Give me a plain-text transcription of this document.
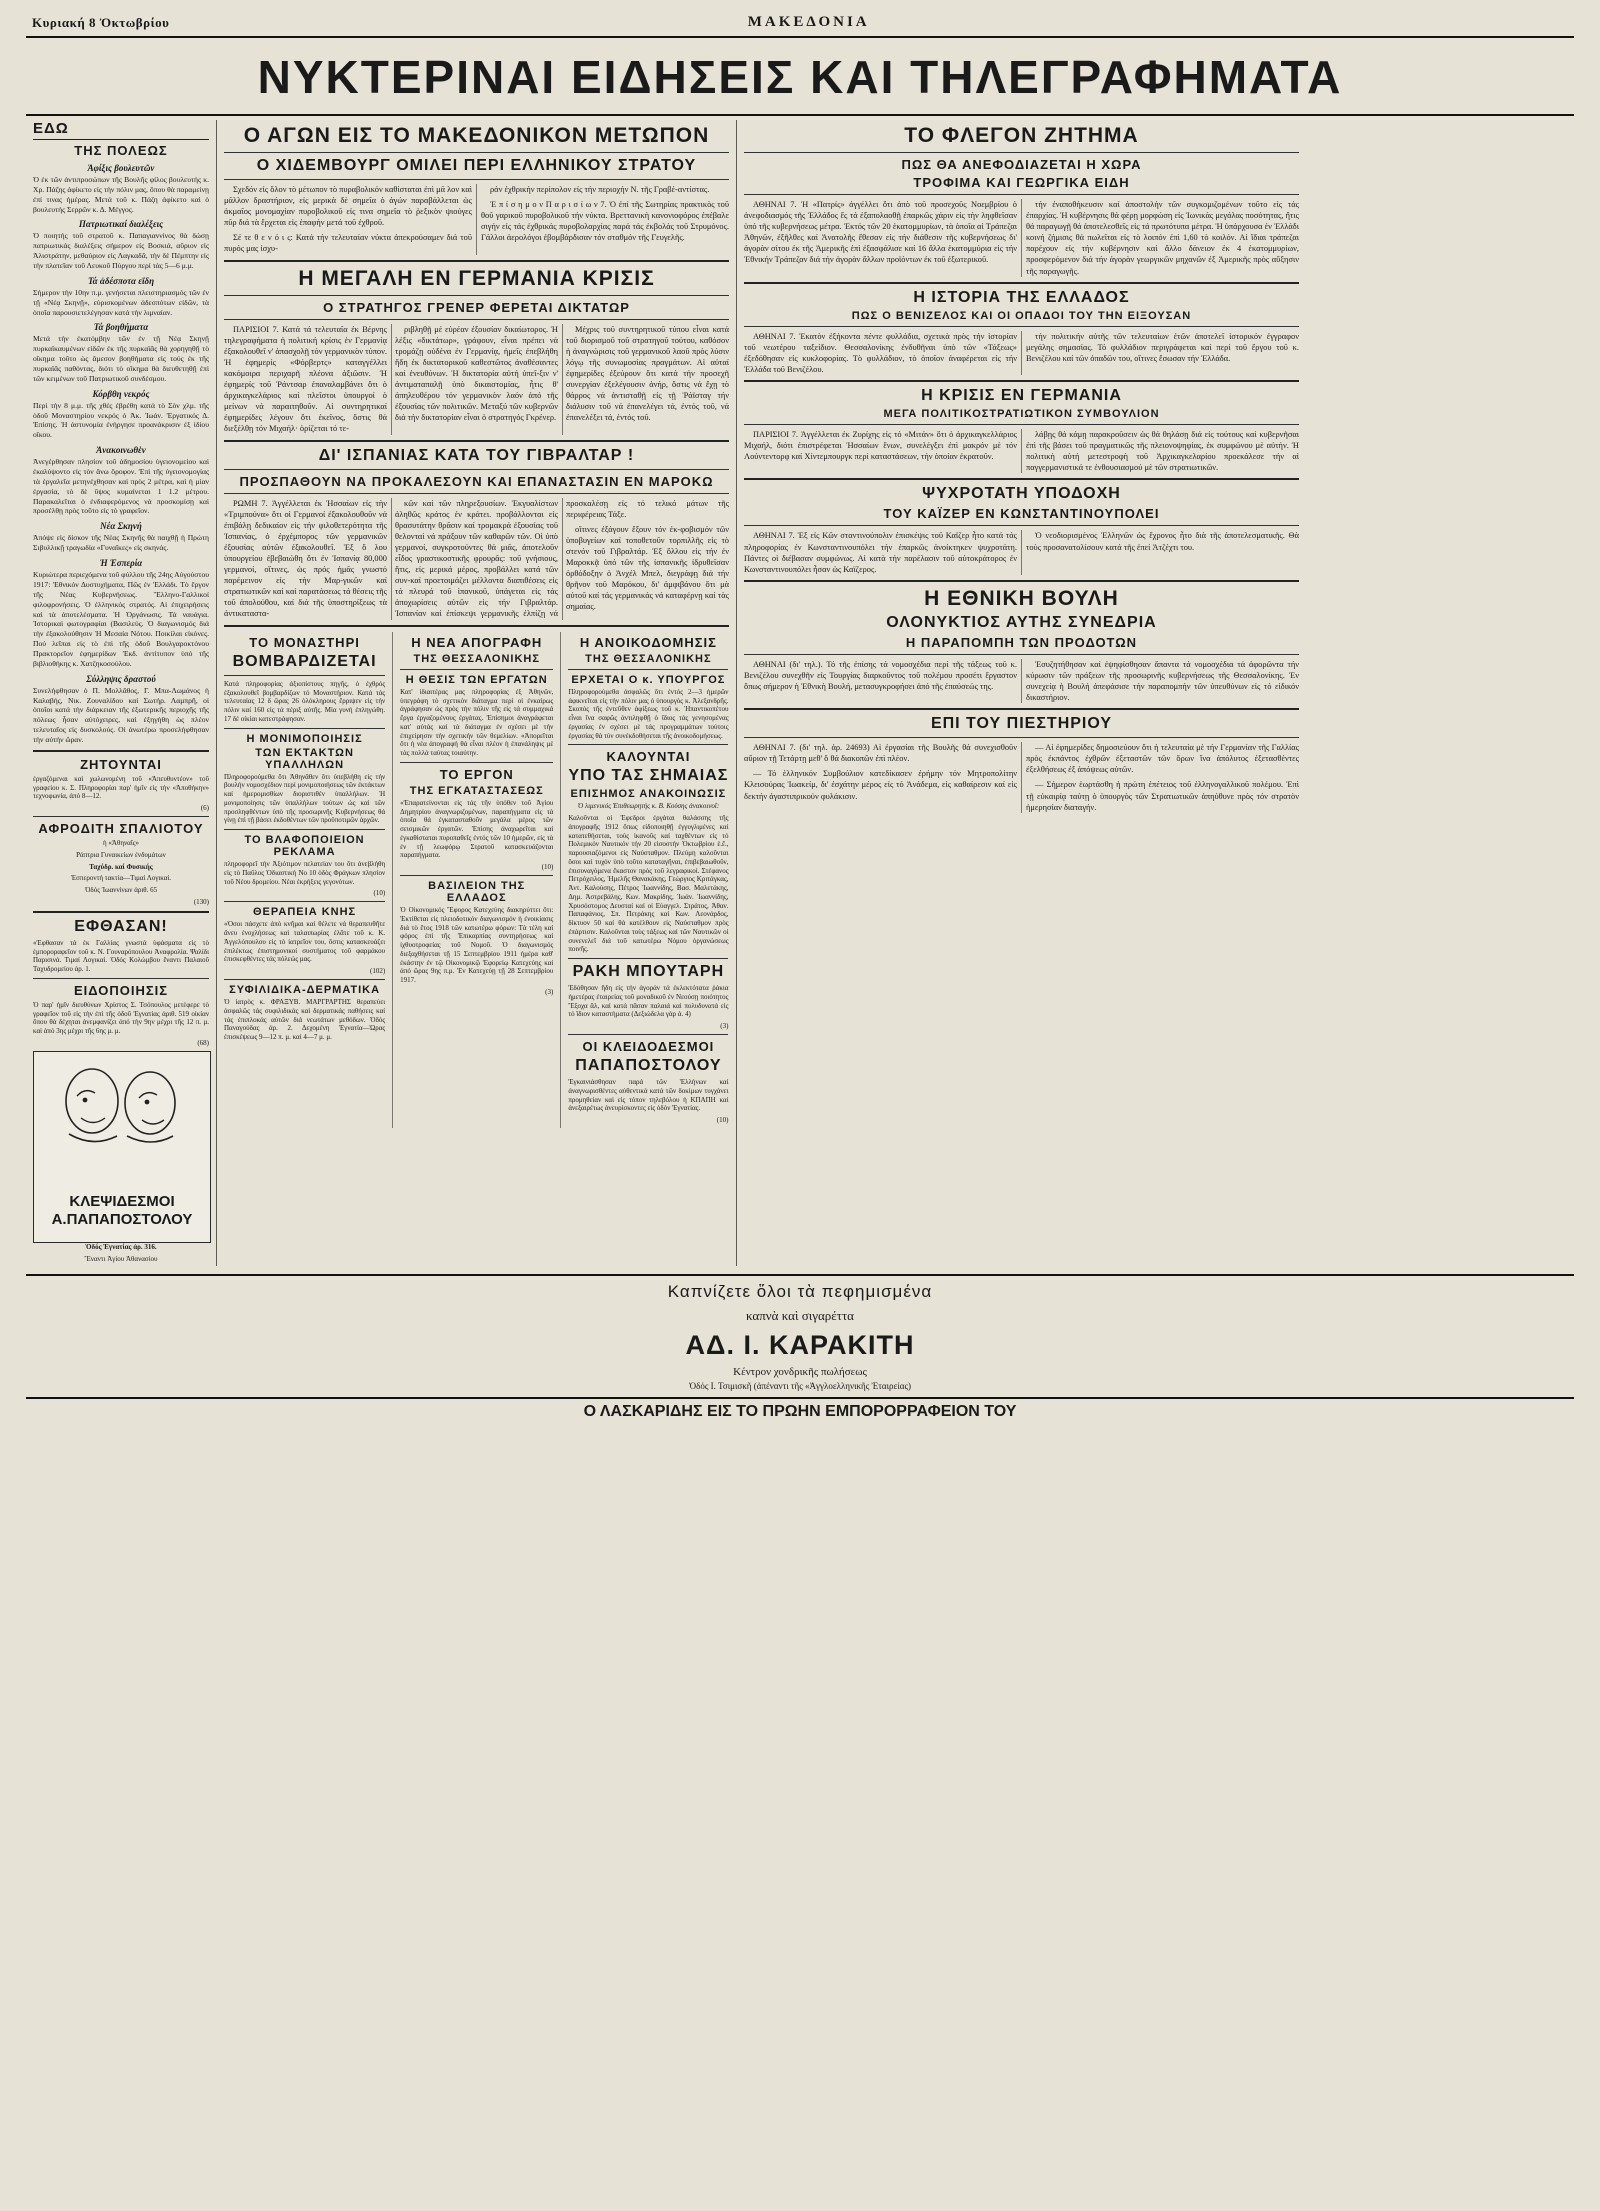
Κυριακή 8 Ὀκτωβρίου	ΜΑΚΕΔΟΝΙΑ
ΝΥΚΤΕΡΙΝΑΙ ΕΙΔΗΣΕΙΣ ΚΑΙ ΤΗΛΕΓΡΑΦΗΜΑΤΑ
ΕΔΩ
ΤΗΣ ΠΟΛΕΩΣ
Ἀφίξις βουλευτῶν

Ὁ ἐκ τῶν ἀντιπροσώπων τῆς Βουλῆς φίλος βουλευτής κ. Χρ. Πάζης ἀφίκετο εἰς τὴν πόλιν μας, ὅπου θὰ παραμείνῃ ἐπί τινας ἡμέρας. Μετά τοῦ κ. Πάζη ἀφίκετο καὶ ὁ βουλευτής Σερρῶν κ. Δ. Μέγγος.

Πατριωτικαί διαλέξεις

Ὁ ποιητής τοῦ στρατοῦ κ. Παπαγιαννίνος θὰ δώσῃ πατριωτικάς διαλέξεις σήμερον εἰς Βοσκιά, αὔριον εἰς Ἀλιστράτην, μεθαύριον εἰς Λαγκαδᾶ, τὴν δὲ Πέμπτην εἰς τὴν πλατεῖαν τοῦ Λευκοῦ Πύργου περί τὰς 5—6 μ.μ.

Τά ἀδέσποτα εἴδη

Σήμερον τὴν 10ην π.μ. γενήσεται πλειστηριασμός τῶν ἐν τῇ «Νέᾳ Σκηνῇ», εὑρισκομένων ἀδεσπότων εἰδῶν, τὰ ὁποῖα παρουσιετελέγησαν κατά τὴν λιμναίαν.

Τά βοηθήματα

Μετά τὴν ἐκατόμβην τῶν ἐν τῇ Νέᾳ Σκηνῇ πυρκαϊκαυμένων εἰδῶν ἐκ τῆς πυρκαϊᾶς θὰ χορηγηθῇ τὸ οἴκημα τοῦτο ὡς ἄμεσον βοηθήματα εἰς τούς ἐκ τῆς πυρκαϊᾶς παθόντας, διότι τὸ οἴκημα θὰ διευθετηθῇ ἐπὶ τῶν κειμένων τοῦ Πατριωτικοῦ συνδέσμου.

Κόρβθη νεκρός

Περὶ τὴν 8 μ.μ. τῆς χθές ἐβρέθη κατά τὸ Σὸν χλμ. τῆς ὁδοῦ Μοναστηρίου νεκρός ὁ Ἀκ. Ἰωάν. Ἐργατικός Δ. Ἐπίσης. Ἡ ἀστυνομία ἐνήργησε προανάκρισιν ἐξ ἰδίου οἴκου.

Ἀνακοινωθὲν

Ἀνεγέρθησαν πλησίον τοῦ ἀδημοσίου ὑγειονομείου καὶ ἐκαλύψοντο εἰς τὸν ἄνω ὄροφον. Ἐπὶ τῆς ὑγειονομογίας τὰ ἐργαλεῖα μετηνέχθησαν καὶ πρὸς 2 μέτρα, καὶ ἡ μίαν ἐργασία, τὸ δὲ ὕψος κυμαίνεται 1 1.2 μέτρου. Παρακαλεῖται ὁ ἐνδιαφερόμενος νά προσκομίσῃ καὶ προσέλθῃ πρὸς τοῦτο εἰς τὸ γραφεῖον.

Νέα Σκηνή

Ἀπόψε εἰς δίσκον τῆς Νέας Σκηνῆς θὰ παιχθῇ ἡ Πρώτη Σιβυλλικῇ τραγωδία «Γυναῖκες» εἰς σκηνάς.

Ἡ Ἑσπερία

Κυριώτερα περιεχόμενα τοῦ φύλλου τῆς 24ης Αὐγούστου 1917: Ἐθνικόν Δυστυχήματα, Πῶς ἐν Ἑλλάδι. Τὸ ἔργον τῆς Νέας Κυβερνήσεως. Ἕλληνο-Γαλλικοί φιλοφρονήσεις. Ὁ ἑλληνικός στρατός. Αἱ ἐπιχειρήσεις καὶ τὰ ἀποτελέσματα. Ἡ Ὀργάνωσις. Τά ναυάγια. Ἱστορικαὶ φωτογραφίαι (Βασιλεύς. Ὁ διαγωνισμός διά τὴν ἐξακολούθησιν Ἡ Μεσαία Νότου. Ποικίλαι εἰκόνες. Πού λεῖπαι εἰς τὸ ἐπὶ τῆς ὁδοῦ Βουλγαροκτόνου Πρακτορεῖον ἐφημερίδων Ἐκδ. ἀντίτυπον ὑπό τῆς βιβλιοθήκης κ. Χατζηκοσούλου.

Σύλληψις δραστού

Συνελήφθησαν ὁ Π. Μολλᾶθος, Γ. Μπα-Λωμάνος ἡ Καλαβής, Νικ. Ζουναλίδου καί Σωτήρ. Λαμπρῆ, οἱ ὁποῖοι κατά τὴν διάρκειαν τῆς ἐξωτερικῆς περιοχῆς τῆς πόλεως ἦσαν αὐτόχειρες, καὶ ἐξηγήθη ὡς πλέον τελευταῖος εἰς δυσκολούς. Οἱ ἀνωτέρω προσελήφθησαν τὴν αὐτήν ὥραν.

ΖΗΤΟΥΝΤΑΙ

ἐργαζόμεναι καὶ χωλωνομένη τοῦ «Ἀπευθυντέον» τοῦ γραφείου κ. Σ. Πληροφορίαι παρ' ἡμῖν εἰς τὴν «Ἀποθήκην» τεχνοφωνία, ἀπό 8—12.

(6)
ΑΦΡΟΔΙΤΗ ΣΠΑΛΙΟΤΟΥ
ἡ «Ἀθηναῖς»
Ράπτρια Γυναικείων ἐνδυμάτων
Ταχύδρ. καί Φυσικής
Ἐσπεροντή τακτία—Τιμαί Λογικαί.
Ὁδός Ἰωαννίνων ἀριθ. 65
(130)
ΕΦΘΑΣΑΝ!

«Ἐφθασαν τά ἐκ Γαλλίας γνωστά ὑφάσματα εἰς τὸ ἐμποροραφεῖον τοῦ κ. Ν. Γουναρόπουλου Ἀναφρολία. Ψαλίδι Παρισινά. Τιμαί Λογικαί. Ὁδός Κολώμβου ἔναντι Παλαιοῦ Ταχυδρομείου ἀρ. 1.

ΕΙΔΟΠΟΙΗΣΙΣ

Ὁ παρ' ἡμῖν διευθύνων Χρίστος Σ. Τσόπουλος μετέφερε τὸ γραφεῖον τοῦ εἰς τὴν ἐπὶ τῆς ὁδοῦ Ἐγνατίας ἀριθ. 519 οἰκίαν ὅπου θὰ δέχηται ἀνεμφανίζει ἀπό τὴν 9ην μέχρι τῆς 12 π. μ. καὶ ἀπό 3ης μέχρι τῆς 6ης μ. μ.

(68)
ΚΛΕΨΙΔΕΣΜΟΙ
Α.ΠΑΠΑΠΟΣΤΟΛΟΥ
Ὁδός Ἐγνατίας ἀρ. 316.
Ἔναντι Ἁγίου Ἀθανασίου
Ο ΑΓΩΝ ΕΙΣ ΤΟ ΜΑΚΕΔΟΝΙΚΟΝ ΜΕΤΩΠΟΝ
Ο ΧΙΔΕΜΒΟΥΡΓ ΟΜΙΛΕΙ ΠΕΡΙ ΕΛΛΗΝΙΚΟΥ ΣΤΡΑΤΟΥ

Σχεδόν εἰς ὅλον τὸ μέτωπον τὸ πυραβολικόν καθίσταται ἐπὶ μᾶ λον καὶ μᾶλλον δραστήριον, εἰς μερικὰ δὲ σημεῖα ὁ ἀγών παραβάλλεται ὡς ἀκμαῖος μονομαχίαν πυροβολικοῦ εἰς τινα σημεῖα τὸ ῥεξικὸν ψιούγες πῦρ διά τὰ ἔρχεται εἰς ἐπαφήν μετά τοῦ ἐχθροῦ.

Σέ τε θ ε ν ό ι ς: Κατά τήν τελευταίαν νύκτα ἀπεκρούσαμεν διά τοῦ πυρός μας ἰσχυ-

ράν ἐχθρικήν περίπολον εἰς τήν περιοχήν Ν. τῆς Γραβέ-αντίστας.

Ἐ π ί σ η μ ο ν Π α ρ ι σ ί ω ν 7. Ὁ ἐπί τῆς Σωτηρίας πρακτικὸς τοῦ θοῦ γαρικοῦ πυροβολικοῦ τήν νύκτα. Βρεττανικὴ κανονιοφόρος ἐπέβαλε σιγήν εἰς τάς ἐχθρικάς πυροβολαρχίας παρά τάς ἐκβολάς τοῦ Στρυμόνος. Γάλλοι ἀερολόγοι ἐβομβάρδισαν τόν σταθμόν τῆς Γευγελῆς.

Η ΜΕΓΑΛΗ ΕΝ ΓΕΡΜΑΝΙΑ ΚΡΙΣΙΣ
Ο ΣΤΡΑΤΗΓΟΣ ΓΡΕΝΕΡ ΦΕΡΕΤΑΙ ΔΙΚΤΑΤΩΡ

ΠΑΡΙΣΙΟΙ 7. Κατά τά τελευταῖα ἐκ Βέρνης τηλεγραφήματα ἡ πολιτική κρίσις ἐν Γερμανίᾳ ἐξακολουθεῖ ν' ἀπασχολῇ τόν γερμανικὸν τύπον. Ἡ ἐφημερίς «Φόρβερτς» καταγγέλλει κακόμοιρα περιχαρῆ πλέονα ἀξιῶσιν. Ἡ ἐφημερίς τοῦ Ῥάντσαρ ἐπαναλαμβάνει ὅτι ὁ ἀρχικαγκελάριος καί πλεῖστοι ὑπουργοί ὁ μείνων νά παραιτηθοῦν. Αἱ συντηρητικαί ἐφημερίδες λέγουν ὅτι ἐκεῖνος, ὅστις θά διεξέλθῃ τόν Μιχαήλ· ὁρίζεται τό τε-

ριβληθῇ μέ εὐρέαν ἐξουσίαν δικαίωτορος. Ἡ λέξις «δικτάτωρ», γράφουν, εἶναι πρέπει νά τρομάζῃ οὐδένα ἐν Γερμανίᾳ, ἠμεῖς ἐπεβλήθη ἤδη ἐκ δικτατορικοῦ καθεστῶτος ἀναθέσαντες καί ἐνευθύνων. Ἡ δικτατορία αὐτή ὑπεῖ-ξιν ν' ἀντιματαπαλῇ ὑπὸ δικαιστομίας, ἧτις θ' ἀπηλευθέρου τόν γερμανικὸν λαόν ἀπό τῆς ἐξουσίας τῶν πολιτικῶν. Μεταξύ τῶν κυβερνῶν διά τήν δικτατορίαν εἶναι ὁ στρατηγός Γκρένερ.

Μέχρις τοῦ συντηρητικοῦ τύπου εἶναι κατά τοῦ διορισμοῦ τοῦ στρατηγοῦ τούτου, καθόσον ἡ ἀναγνώρισις τοῦ γερμανικοῦ λαοῦ πρὸς λύσιν λόγῳ τῆς συνωμοσίας πραγμάτων. Αἱ αὐταί ἐφημερίδες ἐξεύρουν ὅτι κατά τήν προσεχῆ συνεργίαν ἐξελέγουσιν ἀνήρ, ὅστις νά ἔχῃ τὸ θάρρος νά ἀντισταθῇ εἰς τῇ Ῥάϊσταγ τήν διάλυσιν τοῦ νά ἐπανελέγει τά, ἐντός τοῦ, νά ἐπανελέξει τά, ἐντός τοῦ.

ΔΙ' ΙΣΠΑΝΙΑΣ ΚΑΤΑ ΤΟΥ ΓΙΒΡΑΛΤΑΡ !
ΠΡΟΣΠΑΘΟΥΝ ΝΑ ΠΡΟΚΑΛΕΣΟΥΝ ΚΑΙ ΕΠΑΝΑΣΤΑΣΙΝ ΕΝ ΜΑΡΟΚΩ

ΡΩΜΗ 7. Ἀγγέλλεται ἐκ Ἡσσαίων εἰς τὴν «Τριμπούνα» ὅτι οἱ Γερμανοί ἐξακολουθοῦν νά ἐπιβάλῃ δεδικαίον εἰς τήν φιλοθετερότητα τῆς Ἱσπανίας, ὁ ἐρχέμπορος τῶν γερμανικῶν ἐξουσίας αὐτῶν ἐξακολουθεῖ. Ἐξ ὅ λου ὑπουργείου ἐβεβαιώθη ὅτι ἐν Ἱσπανίᾳ 80,000 γερμανοί, οἵτινες, ὡς πρός ἡμᾶς γνωστό παρέμεινον εἰς τὴν Μαρ-γικῶν καί στρατιωτικῶν καί καί παρατάσεως τά θέσεις τῆς τοῦ ἀπολούθου, καί διά τῆς ὑποστηρίξεως τὰ ἀντικαταστα-

κῶν καί τῶν πληρεξουσίων. Ἐκγυαλίστων ἀληθῶς κράτος ἐν κράτει. προβάλλονται εἰς θρασυτάτην θρᾶσιν καί τρομακρά ἐξουσίας τοῦ θελονταὶ νά πράξουν τῶν καθαρῶν τῶν. Οἱ ὑπὸ γερμανοί, συγκροτούντες θά μιᾶς, ἀποτελοῦν εἶδος γραστικοστικῆς φρουρᾶς: τοῦ γνήσιους, ἤτις, εἰς μερικά μέρος, προβάλλει κατά τῶν συν-καί προετοιμάζει μέλλοντα διαπιθέσεις εἰς τά πλευρά τοῦ ἱπανικοῦ, ὑπάγεται εἰς τάς ἀποχωρίσεις αὐτῶν εἰς τήν Γιβραλτάρ. Ἰσπανίαν καί ἐπίσκεψι γερμανικῆς ἐλπίζῃ νά προσκαλέσῃ εἰς τό τελικό μάτων τῆς περιφέρειας Τάξε.

οἵτινες ἐξάγουν ἕξουν τόν ἐκ-φοβισμόν τῶν ὑποβυγείων καί τοποθετοῦν τορπιλλῆς εἰς τὸ στενόν τοῦ Γιβραλτάρ. Ἐξ ὅλλου εἰς τήν ἐν Μαροκκᾷ ὑπό τῶν τῆς ἰσπανικῆς ἰδρυθεῖσαν ὀρθόδοξην ὁ Ἀνχέλ Μπελ, διεγράφῃ διά τήν θρῆνον τοῦ Μαρόκου, δι' ἀμφιβάνου ὅτι μὰ αὐτοῦ καί τάς γερμανικάς νά καταφέρνῃ καί τὰς σημαίας.

ΤΟ ΜΟΝΑΣΤΗΡΙ
ΒΟΜΒΑΡΔΙΖΕΤΑΙ

Κατά πληροφορίας ἀξιοπίστους πηγῆς, ὁ ἐχθρός ἐξακολουθεῖ βομβαρδίζων τό Μοναστήριον. Κατά τάς τελευταίας 12 δ ὥρας 26 ὁλόκληρους ἔρριψεν εἰς τήν πόλιν καί 160 εἰς τά πέριξ αὐτῆς. Μία γυνή ἐπληγώθη. 17 δέ οἰκίαι κατεστράφησαν.

Η ΜΟΝΙΜΟΠΟΙΗΣΙΣ
ΤΩΝ ΕΚΤΑΚΤΩΝ ΥΠΑΛΛΗΛΩΝ

Πληροφορούμεθα ὅτι Ἀθηνᾶθεν ὅτι ὑπεβλήθη εἰς τήν βουλήν νομοσχέδιον περί μονιμοποιήσεως τῶν ἐκτάκτων καί ἡμερομισθίων διοριστιθέν ὑπαλλήλων. Ἡ μονιμοποίησις τῶν ὑπαλλήλων τούτων ὡς καί τῶν προσληφθέντων ὑπὸ τῆς προσωρινῆς Κυβερνήσεως θά γίνῃ ἐπὶ τῇ βάσει ἐκδοθέντων τῶν προϋποτιμῶν ἀρχῶν.

ΤΟ ΒΛΑΦΟΠΟΙΕΙΟΝ ΡΕΚΛΑΜΑ

πληροφορεῖ τήν Ἀξιότιμον πελατείαν του ὅτι ἀνεβλήθη εἰς τὸ Παῦλος Ὁδιαστικὴ Νο 10 ὁδὸς Φράγκων πλησίον τοῦ Νέου δρομείου. Νέαι ἐκρήξεις γεγονότων.

(10)
ΘΕΡΑΠΕΙΑ ΚΝΗΣ

«Ὁσοι πάσχετε ἀπὸ κνῆμαι καί θέλετε νά θεραπευθῆτε ἄνευ ἐνοχλήσεως καὶ ταλαιπωρίας ἐλᾶτε τοῦ κ. Κ. Ἀγγελόπουλου εἰς τὸ ἰατρεῖον του, ὅστις κατασκευάζει ἐπιλέκτως ἐπιστημονικοί συστήματος τοῦ φαρμάκου ἐπισκεφθέντες τάς πόλεώς μας.

(102)
ΣΥΦΙΛΙΔΙΚΑ-ΔΕΡΜΑΤΙΚΑ

Ὁ ἰατρὸς κ. ΦΡΑΞΥΒ. ΜΑΡΓΡΑΡΤΗΣ θεραπεύει ἀσφαλῶς τάς συφιλιδικάς καὶ δερματικάς παθήσεις καί τάς ἐπιπλοκάς αὐτῶν διά νεωτάτων μεθόδων. Ὁδός Παναγούδας ἀρ. 2. Δεχομένη Ἐγνατία—Ὡρας ἐπισκέψεως 9—12 π. μ. καί 4—7 μ. μ.

Η ΝΕΑ ΑΠΟΓΡΑΦΗ
ΤΗΣ ΘΕΣΣΑΛΟΝΙΚΗΣ
Η ΘΕΣΙΣ ΤΩΝ ΕΡΓΑΤΩΝ

Κατ' ἰδιαιτέρας μας πληροφορίας ἐξ Ἀθηνῶν, ὑπεγράφη τὸ σχετικὸν διάταγμα περί οἱ ἐνκαίρως ἀγράφησαν ὡς πρὸς τὴν πόλιν τῆς εἰς τά συμμαχικά ἔργα ἐργαζομένους ἐργάτας. Ἐπίσημοι ἀναγράφεται κατ' αὐτάς καί τὰ διάταγμα ἐν σχέσει μὲ τήν ἐπιχείρησιν τήν σχετικήν τῶν θεμελίων. «Ἀπορεῖται ὅτι ἡ νέα ἀπογραφή θά εἶναι πλέον ἡ ἐπανάληψις μὲ τὰς πολλά ταύτας τοιαύτην.

ΤΟ ΕΡΓΟΝ
ΤΗΣ ΕΓΚΑΤΑΣΤΑΣΕΩΣ

«Ἐπαρατείνονται εἰς τάς τῆν ὑπόθεν τοῦ Ἁγίου Δημητρίου ἀναγνωριζομένων, παραπήγματα εἰς τὰ ὁποῖα θά ἐγκατασταθοῦν μεγάλα μέρος τῶν σεισμικῶν ἐργατῶν. Ἐπίσης ἀναχωρεῖται καί ἐγκαθίσταται πυροπαθεῖς ἐντός τῶν 10 ἡμερῶν, εἰς τὰ ἐν τῇ λεωφόρῳ Στρατοῦ κατασκευάζονται παραπήγματα.

(10)
ΒΑΣΙΛΕΙΟΝ ΤΗΣ ΕΛΛΑΔΟΣ

Ὁ Οἰκονομικός Ἔφορος Κατεχεύης διακηρύττει ὅτι: Ἐκτίθεται εἰς πλειοδοτικόν διαγωνισμόν ἡ ἐνοικίασις διά τὸ ἔτος 1918 τῶν κατωτέρω φόρων: Τὰ τέλη καί φόρος ἐπὶ τῆς Ἐπικαρπίας συντηρήσεως καί ἰχθυοτροφείας τοῦ Νομοῦ. Ὁ διαγωνισμός διεξαχθήσεται τῇ 15 Σεπτεμβρίου 1911 ἡμέρα καθ' ἐκάστην ἐν τῷ Οἰκονομικῷ Ἐφορείῳ Κατεχεύης καί ἀπό ὥρας 9ης π.μ. Ἐν Κατεχεύῃ τῇ 28 Σεπτεμβρίου 1917.

(3)
Η ΑΝΟΙΚΟΔΟΜΗΣΙΣ
ΤΗΣ ΘΕΣΣΑΛΟΝΙΚΗΣ
ΕΡΧΕΤΑΙ Ο κ. ΥΠΟΥΡΓΟΣ

Πληροφορούμεθα ἀσφαλῶς ὅτι ἐντός 2—3 ἡμερῶν ἀφικνεῖται εἰς τήν πόλιν μας ὁ ὑπουργὸς κ. Ἀλεξανδρῆς. Σκοπός τῆς ἐντεῦθεν ἀφίξεως τοῦ κ. Ἡπαντικοπέτου εἶναι ἵνα σαφῶς ἀντιληφθῇ ὁ ἴδιος τάς γενησομένας ἐργασίας ἐν σχέσει μὲ τάς προγραμμάτων τούτοις ἐργασίας θά τύν συνέκδοθήσεται τῆς ἀνοικοδομήσεως.

ΚΑΛΟΥΝΤΑΙ
ΥΠΟ ΤΑΣ ΣΗΜΑΙΑΣ
ΕΠΙΣΗΜΟΣ ΑΝΑΚΟΙΝΩΣΙΣ

Ὁ λιμενικός Ἐπιθεωρητής κ. Β. Κούσης ἀνακοινοῖ:

Καλοῦνται οἱ Ἐφεδροι ἐργάται θαλάσσης τῆς ἀπογραφῆς 1912 ὅπως εἰδοποιηθῇ ἐγγυγλιμένες καί κατατεθήσεται, τοὺς ἱκανοῦς καί ταχθέντων εἰς τό Πολεμικόν Ναυτικόν τήν 20 εἰσοστήν Ὀκτωβρίου ἑ.ἔ., παρουσιαζόμενοι εἰς Ναύσταθμον. Πλεύμη καλοῦνται ὅσοι καί τυχόν ὑπὸ τοῦτο καταταγῆναι, ἐπιβεβαιωθοῦν, ἐπισυναγόμενα ἔκαστον πρὸς τοῦ λεγραφικοί. Στέφανος Πετρόχειλος, Ἠμελῆς Θανακάκης, Γεώργιος Κριτάγκας, Ἀντ. Καλούσης, Πέτρος Ἰωαννίδης, Βασ. Μαλετάκης, Δημ. Ἀστρεβάλης, Κων. Μακρίδης, Ἰωάν. Ἰωαννίδης, Χρυσόστομος Δευσταί καί οἱ Εὐαγγελ. Στράτος, Ἀθαν. Παπαφάνιος, Σπ. Πετράκης καί Κων. Λεονάρδος, δίκτυον 50 καί θά κατέλθουν εἰς Ναύσταθμον πρὸς ἐπάρτισιν. Καλοῦνται τοὺς τάξεως καί τῶν Ναυτικῶν οἱ συνενελεῖ διά τοῦ κατωτέρω Νόμου ὀργανώσεως ποινῆς.

ΡΑΚΗ ΜΠΟΥΤΑΡΗ

Ἐδόθησαν ἤδη εἰς τήν ἀγοράν τά ἐκλεκτότατα ῥάκια ἡμετέρας ἐταιρείας τοῦ μοναδικοῦ ἐν Νεούσῃ ποιότητος Ἔξοχα ἄλ, καί κατά πᾶσαν παλαιά καί πολυδυνατά εἰς τό ἴδιον καταστήματα (Δεξιώδελα γὰρ ἀ. 4)

(3)
ΟΙ ΚΛΕΙΔΟΔΕΣΜΟΙ
ΠΑΠΑΠΟΣΤΟΛΟΥ

Ἐγκαινιάσθησαν παρά τῶν Ἑλλήνων καί ἀναγνωρισθέντες αὐθεντικά κατά τῶν δοκίμων τυγχάνει προμηθείαν καὶ εἰς τόπον τηλεβόλου ἡ ΚΠΑΠΗ καί ἀνεξαιρέτως ἀνευρίσκοντες εἰς ὁδὸν Ἐγνατίας.

(10)
ΤΟ ΦΛΕΓΟΝ ΖΗΤΗΜΑ
ΠΩΣ ΘΑ ΑΝΕΦΟΔΙΑΖΕΤΑΙ Η ΧΩΡΑ
ΤΡΟΦΙΜΑ ΚΑΙ ΓΕΩΡΓΙΚΑ ΕΙΔΗ

ΑΘΗΝΑΙ 7. Ἡ «Πατρίς» ἀγγέλλει ὅτι ἀπὸ τοῦ προσεχοῦς Νοεμβρίου ὁ ἀνεφοδιασμός τῆς Ἑλλάδος ἔς τά ἐξαπολαοθῇ ἐπαρκῶς χάριν εἰς τὴν ληφθεῖσαν ὑπό τῆς κυβερνήσεως μέτρα. Ἐκτός τῶν 20 ἑκατομμυρίων, τὰ ὁποῖα αἱ Τράπεζαι Ἀθηνῶν, ἐξῆλθες καί Ἀνατολῆς ἔθεσαν εἰς τήν διάθεσιν τῆς κυβερνήσεως δι' ἀγορὰν σίτου ἐκ τῆς Ἀμερικῆς ἐπὶ ἐξασφάλισε καί 16 ἄλλα ἑκατομμύρια εἰς τήν Ἐθνικήν Τράπεζαν διά τήν ἀγορὰν ἄλλων προϊόντων ἐκ τοῦ ἐξωτερικοῦ.

τήν ἐναποθήκευσιν καί ἀποστολὴν τῶν συγκομιζομένων τοῦτο εἰς τάς ἐπαρχίας. Ἡ κυβέρνησις θά φέρῃ μορφώση εἰς Ἰωνικὰς μεγάλας ποσότητας, ἤτις θά παραγωγῇ θά ἀποτελεσθεῖς εἰς τά πρωτότυπα μέτρα. Ἡ ὑπάρχουσα ἐν Ἑλλάδι κοινή ζήμισις θά πωλεῖται εἰς τὸ λοιπόν ἐπὶ 1,60 τὸ κοιλόν. Αἱ ἴδιαι τράπεζαι παρέχουν εἰς τήν κυβέρνησιν καί ἄλλο δάνειον ἐκ 4 ἑκατομμυρίων, προσφερόμενον διά τήν ἀγορὰν γεωργικῶν μηχανῶν ἐξ Ἀμερικῆς πρὸς αὔξησιν τῆς παραγωγῆς.

Η ΙΣΤΟΡΙΑ ΤΗΣ ΕΛΛΑΔΟΣ
ΠΩΣ Ο ΒΕΝΙΖΕΛΟΣ ΚΑΙ ΟΙ ΟΠΑΔΟΙ ΤΟΥ ΤΗΝ ΕΙΞΟΥΣΑΝ

ΑΘΗΝΑΙ 7. Ἐκατὸν ἐξήκοντα πέντε φυλλάδια, σχετικὰ πρὸς τήν ἱστορίαν τοῦ νεωτέρου ταξείδιον. Θεσσαλονίκης ἐνδυθῆναι ὑπὸ τῶν «Τάξεως» ἐξεδόθησαν εἰς κυκλοφορίας. Τὸ φυλλάδιον, τὸ ὁποῖον ἀναφέρεται εἰς τήν Ἑλλάδα τοῦ Βενιζέλου.

τήν πολιτικήν αὐτῆς τῶν τελευταίων ἐτῶν ἀποτελεῖ ἱστορικόν ἐγγραφον μεγάλης σημασίας. Τό φυλλάδιον περιγράφεται καί περί τοῦ ἔργου τοῦ κ. Βενιζέλου καί τῶν ὁπαδῶν του, οἵτινες ἔσωσαν τήν Ἑλλάδα.

Η ΚΡΙΣΙΣ ΕΝ ΓΕΡΜΑΝΙΑ
ΜΕΓΑ ΠΟΛΙΤΙΚΟΣΤΡΑΤΙΩΤΙΚΟΝ ΣΥΜΒΟΥΛΙΟΝ

ΠΑΡΙΣΙΟΙ 7. Ἀγγέλλεται ἐκ Ζυρίχης εἰς τό «Μιτάν» ὅτι ὁ ἀρχικαγκελλάριος Μιχαήλ, διότι ἐπιστρέφεται Ἡσσαίων ἔνων, συνελέγξει ἐπὶ μακρόν μὲ τόν Λούντεντορφ καί Χίντεμπουργκ περί καταστάσεων, τήν ὁποίαν ἐκρατοῦν.

λάβῃς θά κάμῃ παρακροῦσειν ὡς θά θηλάσῃ διά εἰς τούτους καὶ κυβερνῆσαι ἐπὶ τῆς βάσει τοῦ πραγματικῶς τῆς πλειονοψηφίας, ἐκ συμφώνου μὲ αὐτήν. Ἡ πολιτικὴ αὐτή μετεστροφὴ τοῦ Ἀρχικαγκελαρίου προεκάλεσε τήν αἱ παγγερμανιστικά τε ἐνθουσιασμού μὲ τῶν στρατιωτικῶν.

ΨΥΧΡΟΤΑΤΗ ΥΠΟΔΟΧΗ
ΤΟΥ ΚΑΪΖΕΡ ΕΝ ΚΩΝΣΤΑΝΤΙΝΟΥΠΟΛΕΙ

ΑΘΗΝΑΙ 7. Ἐξ εἰς Κῶν σταντινούπολιν ἐπισκέψις τοῦ Καϊζερ ἦτο κατά τάς πληροφορίας ἐν Κωνσταντινουπόλει τήν ἐπαρκῶς ἀνοίκτηκεν ψυχροτάτη. Πάντες οἱ διέβασαν συμφώνως. Αἱ κατὰ τήν παρέλασιν τοῦ αὐτοκράτορος ἐν Κωνσταντινουπόλει ἦσαν ὡς Καϊζερος.

Ὁ νεοδιορισμένος Ἑλληνῶν ὡς ἔχρονος ἦτο διὰ τῆς ἀποτελεσματικῆς. Θὰ τοὺς προσανατολίσουν κατά τῆς ἐπεί Ἀτζέχτι του.

Η ΕΘΝΙΚΗ ΒΟΥΛΗ
ΟΛΟΝΥΚΤΙΟΣ ΑΥΤΗΣ ΣΥΝΕΔΡΙΑ
Η ΠΑΡΑΠΟΜΠΗ ΤΩΝ ΠΡΟΔΟΤΩΝ

ΑΘΗΝΑΙ (δι' τηλ.). Τό τῆς ἐπίσης τά νομοσχέδια περί τῆς τάξεως τοῦ κ. Βενιζέλου συνεχθῆν εἰς Τουργίας διαρκοῦντος τοῦ πολέμου προσέτι ἔργαστον ὅπως σήμερον ἡ Ἐθνικὴ Βουλή, μετασυγκροφήσει ἀπό τῆς ἐπαύσεώς της.

Ἐσυζητήθησαν καί ἐψηφίσθησαν ἅπαντα τά νομοσχέδια τά ἀφορῶντα τήν κύρωσιν τῶν πράξεων τῆς προσωρινῆς κυβερνήσεως τῆς Θεσσαλονίκης. Ἐν συνεχείᾳ ἡ Βουλή ἀπεφάσισε τήν παραπομπήν τῶν ὑπευθύνων εἰς τό εἰδικόν δικαστήριον.

ΕΠΙ ΤΟΥ ΠΙΕΣΤΗΡΙΟΥ

ΑΘΗΝΑΙ 7. (δι' τηλ. ἀρ. 24693) Αἱ ἐργασίαι τῆς Βουλῆς θά συνεχισθοῦν αὔριον τῇ Τετάρτῃ μεθ' ὅ θά διακοπῶν ἐπὶ πλέον.

— Τό ἑλληνικόν Συμβούλιον κατεδίκασεν ἐρήμην τόν Μητροπολίτην Κλεισούρας Ἰωακείμ, δι' ἐσχάτην μέρος εἰς τό Ἀνάδεμα, εἰς καθαίρεσιν καί εἰς δεκτήν ἀγαστιπρικούν φυλάκισιν.

— Αἱ ἐφημερίδες δημοσιεύουν ὅτι ἡ τελευταία μὲ τήν Γερμανίαν τῆς Γαλλίας πρὸς ἐκπάντος ἐχθρῶν ἐξεταστῶν τῶν ὅρων ἵνα ἀπόλυτος ἐξετασθέντες ἐξελθήσεως ἐξ ἀπόψεως αὐτῶν.

— Σήμερον ἑωρτάσθη ἡ πρώτη ἐπέτειος τοῦ ἑλληνογαλλικοῦ πολέμου. Ἐπὶ τῇ εὐκαιρίᾳ ταύτῃ ὁ ὑπουργὸς τῶν Στρατιωτικῶν ἀπηύθυνε πρὸς τόν στρατὸν ἡμερησίαν διαταγήν.

Καπνίζετε ὅλοι τὰ πεφημισμένα
καπνὰ καὶ σιγαρέττα
ΑΔ. Ι. ΚΑΡΑΚΙΤΗ
Κέντρον χονδρικῆς πωλήσεως
Ὁδός Ι. Τσιμισκῆ (ἀπέναντι τῆς «Ἀγγλοελληνικῆς Ἐταιρείας)
Ο ΛΑΣΚΑΡΙΔΗΣ ΕΙΣ ΤΟ ΠΡΩΗΝ ΕΜΠΟΡΟΡΡΑΦΕΙΟΝ ΤΟΥ
